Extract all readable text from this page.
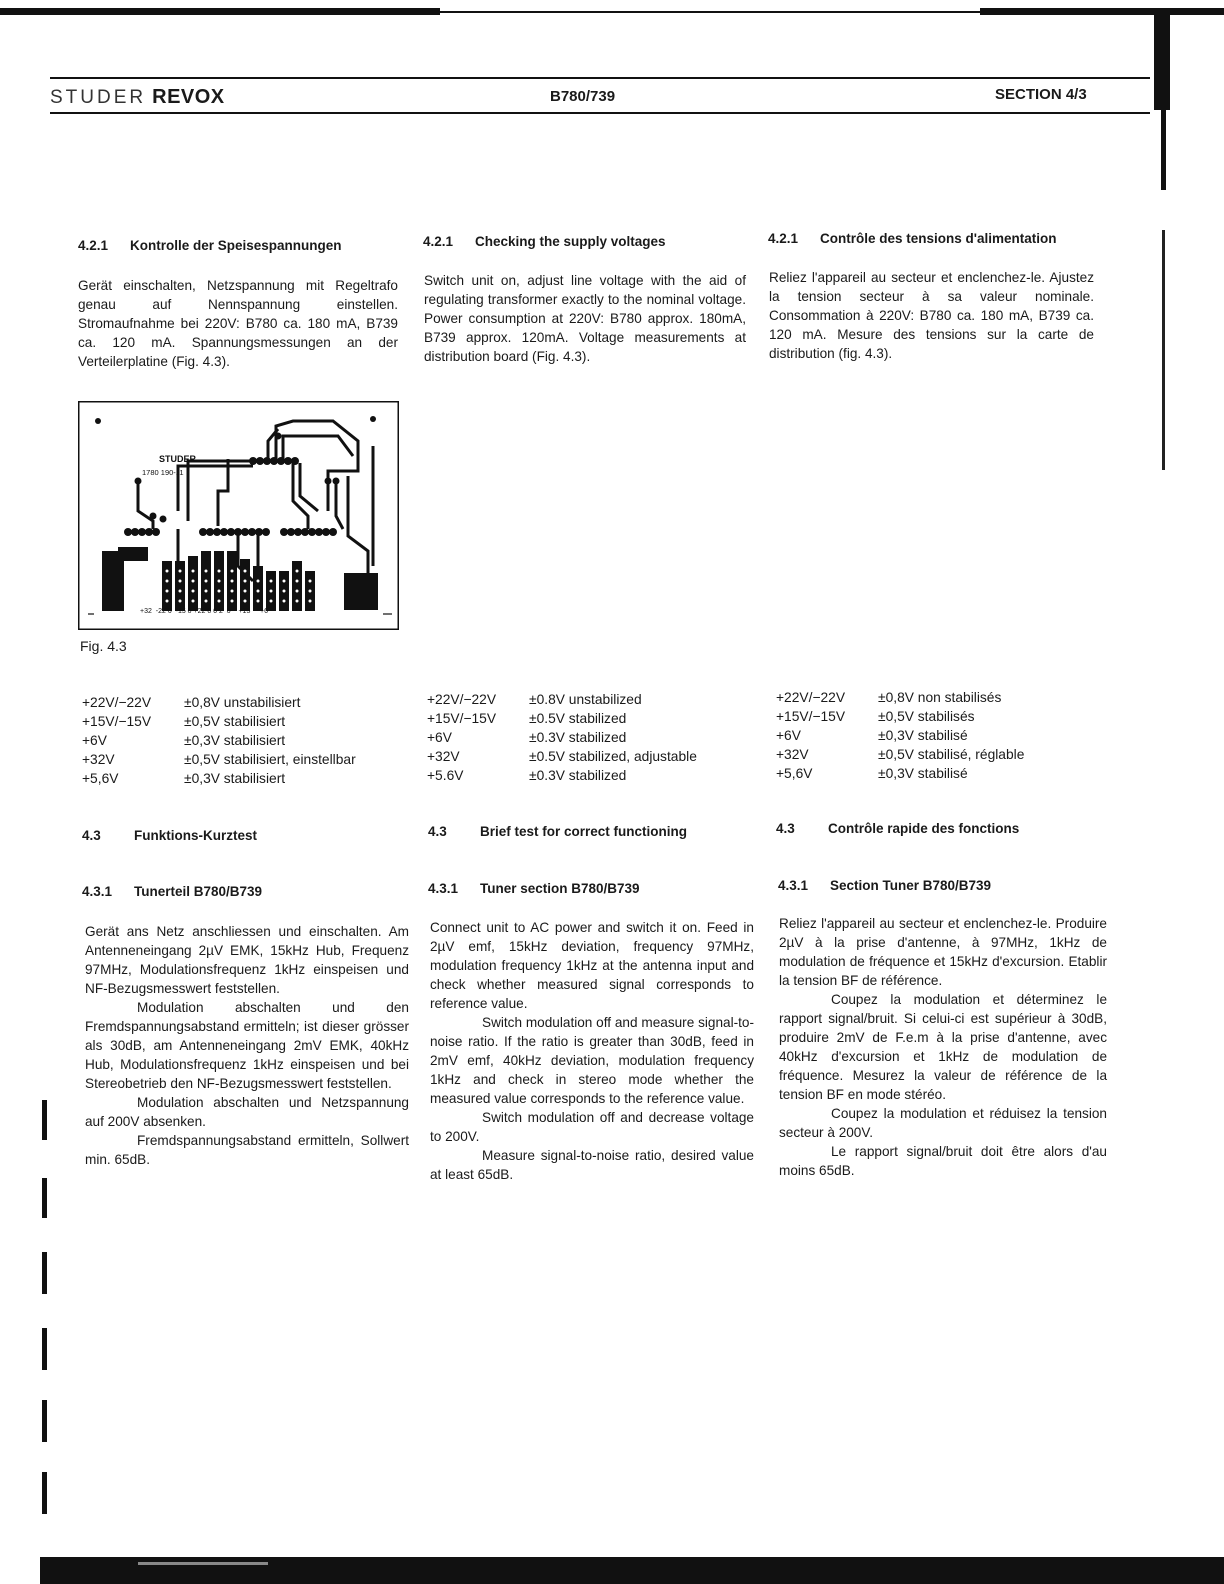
STUDER REVOX	B780/739	SECTION 4/3
4.2.1 Kontrolle der Speisespannungen
Gerät einschalten, Netzspannung mit Regeltrafo genau auf Nennspannung einstellen. Stromaufnahme bei 220V: B780 ca. 180 mA, B739 ca. 120 mA. Spannungsmessungen an der Verteilerplatine (Fig. 4.3).
STUDER
1780 190-11
+32  -22 0  -15 0 +22 0 6 2  0    +15     +6
Fig. 4.3
+22V/−22V	±0,8V unstabilisiert
+15V/−15V	±0,5V stabilisiert
+6V	±0,3V stabilisiert
+32V	±0,5V stabilisiert, einstellbar
+5,6V	±0,3V stabilisiert
4.3 Funktions-Kurztest
4.3.1 Tunerteil B780/B739

Gerät ans Netz anschliessen und einschalten. Am Antenneneingang 2µV EMK, 15kHz Hub, Frequenz 97MHz, Modulationsfrequenz 1kHz einspeisen und NF-Bezugsmesswert feststellen.

Modulation abschalten und den Fremdspannungsabstand ermitteln; ist dieser grösser als 30dB, am Antenneneingang 2mV EMK, 40kHz Hub, Modulationsfrequenz 1kHz einspeisen und bei Stereobetrieb den NF-Bezugsmesswert feststellen.

Modulation abschalten und Netzspannung auf 200V absenken.

Fremdspannungsabstand ermitteln, Sollwert min. 65dB.

4.2.1 Checking the supply voltages
Switch unit on, adjust line voltage with the aid of regulating transformer exactly to the nominal voltage. Power consumption at 220V: B780 approx. 180mA, B739 approx. 120mA. Voltage measurements at distribution board (Fig. 4.3).
+22V/−22V	±0.8V unstabilized
+15V/−15V	±0.5V stabilized
+6V	±0.3V stabilized
+32V	±0.5V stabilized, adjustable
+5.6V	±0.3V stabilized
4.3 Brief test for correct functioning
4.3.1 Tuner section B780/B739

Connect unit to AC power and switch it on. Feed in 2µV emf, 15kHz deviation, frequency 97MHz, modulation frequency 1kHz at the antenna input and check whether measured signal corresponds to reference value.

Switch modulation off and measure signal-to-noise ratio. If the ratio is greater than 30dB, feed in 2mV emf, 40kHz deviation, modulation frequency 1kHz and check in stereo mode whether the measured value corresponds to the reference value.

Switch modulation off and decrease voltage to 200V.

Measure signal-to-noise ratio, desired value at least 65dB.

4.2.1 Contrôle des tensions d'alimentation
Reliez l'appareil au secteur et enclenchez-le. Ajustez la tension secteur à sa valeur nominale. Consommation à 220V: B780 ca. 180 mA, B739 ca. 120 mA. Mesure des tensions sur la carte de distribution (fig. 4.3).
+22V/−22V	±0,8V non stabilisés
+15V/−15V	±0,5V stabilisés
+6V	±0,3V stabilisé
+32V	±0,5V stabilisé, réglable
+5,6V	±0,3V stabilisé
4.3 Contrôle rapide des fonctions
4.3.1 Section Tuner B780/B739

Reliez l'appareil au secteur et enclenchez-le. Produire 2µV à la prise d'antenne, à 97MHz, 1kHz de modulation de fréquence et 15kHz d'excursion. Etablir la tension BF de référence.

Coupez la modulation et déterminez le rapport signal/bruit. Si celui-ci est supérieur à 30dB, produire 2mV de F.e.m à la prise d'antenne, avec 40kHz d'excursion et 1kHz de modulation de fréquence. Mesurez la valeur de référence de la tension BF en mode stéréo.

Coupez la modulation et réduisez la tension secteur à 200V.

Le rapport signal/bruit doit être alors d'au moins 65dB.
